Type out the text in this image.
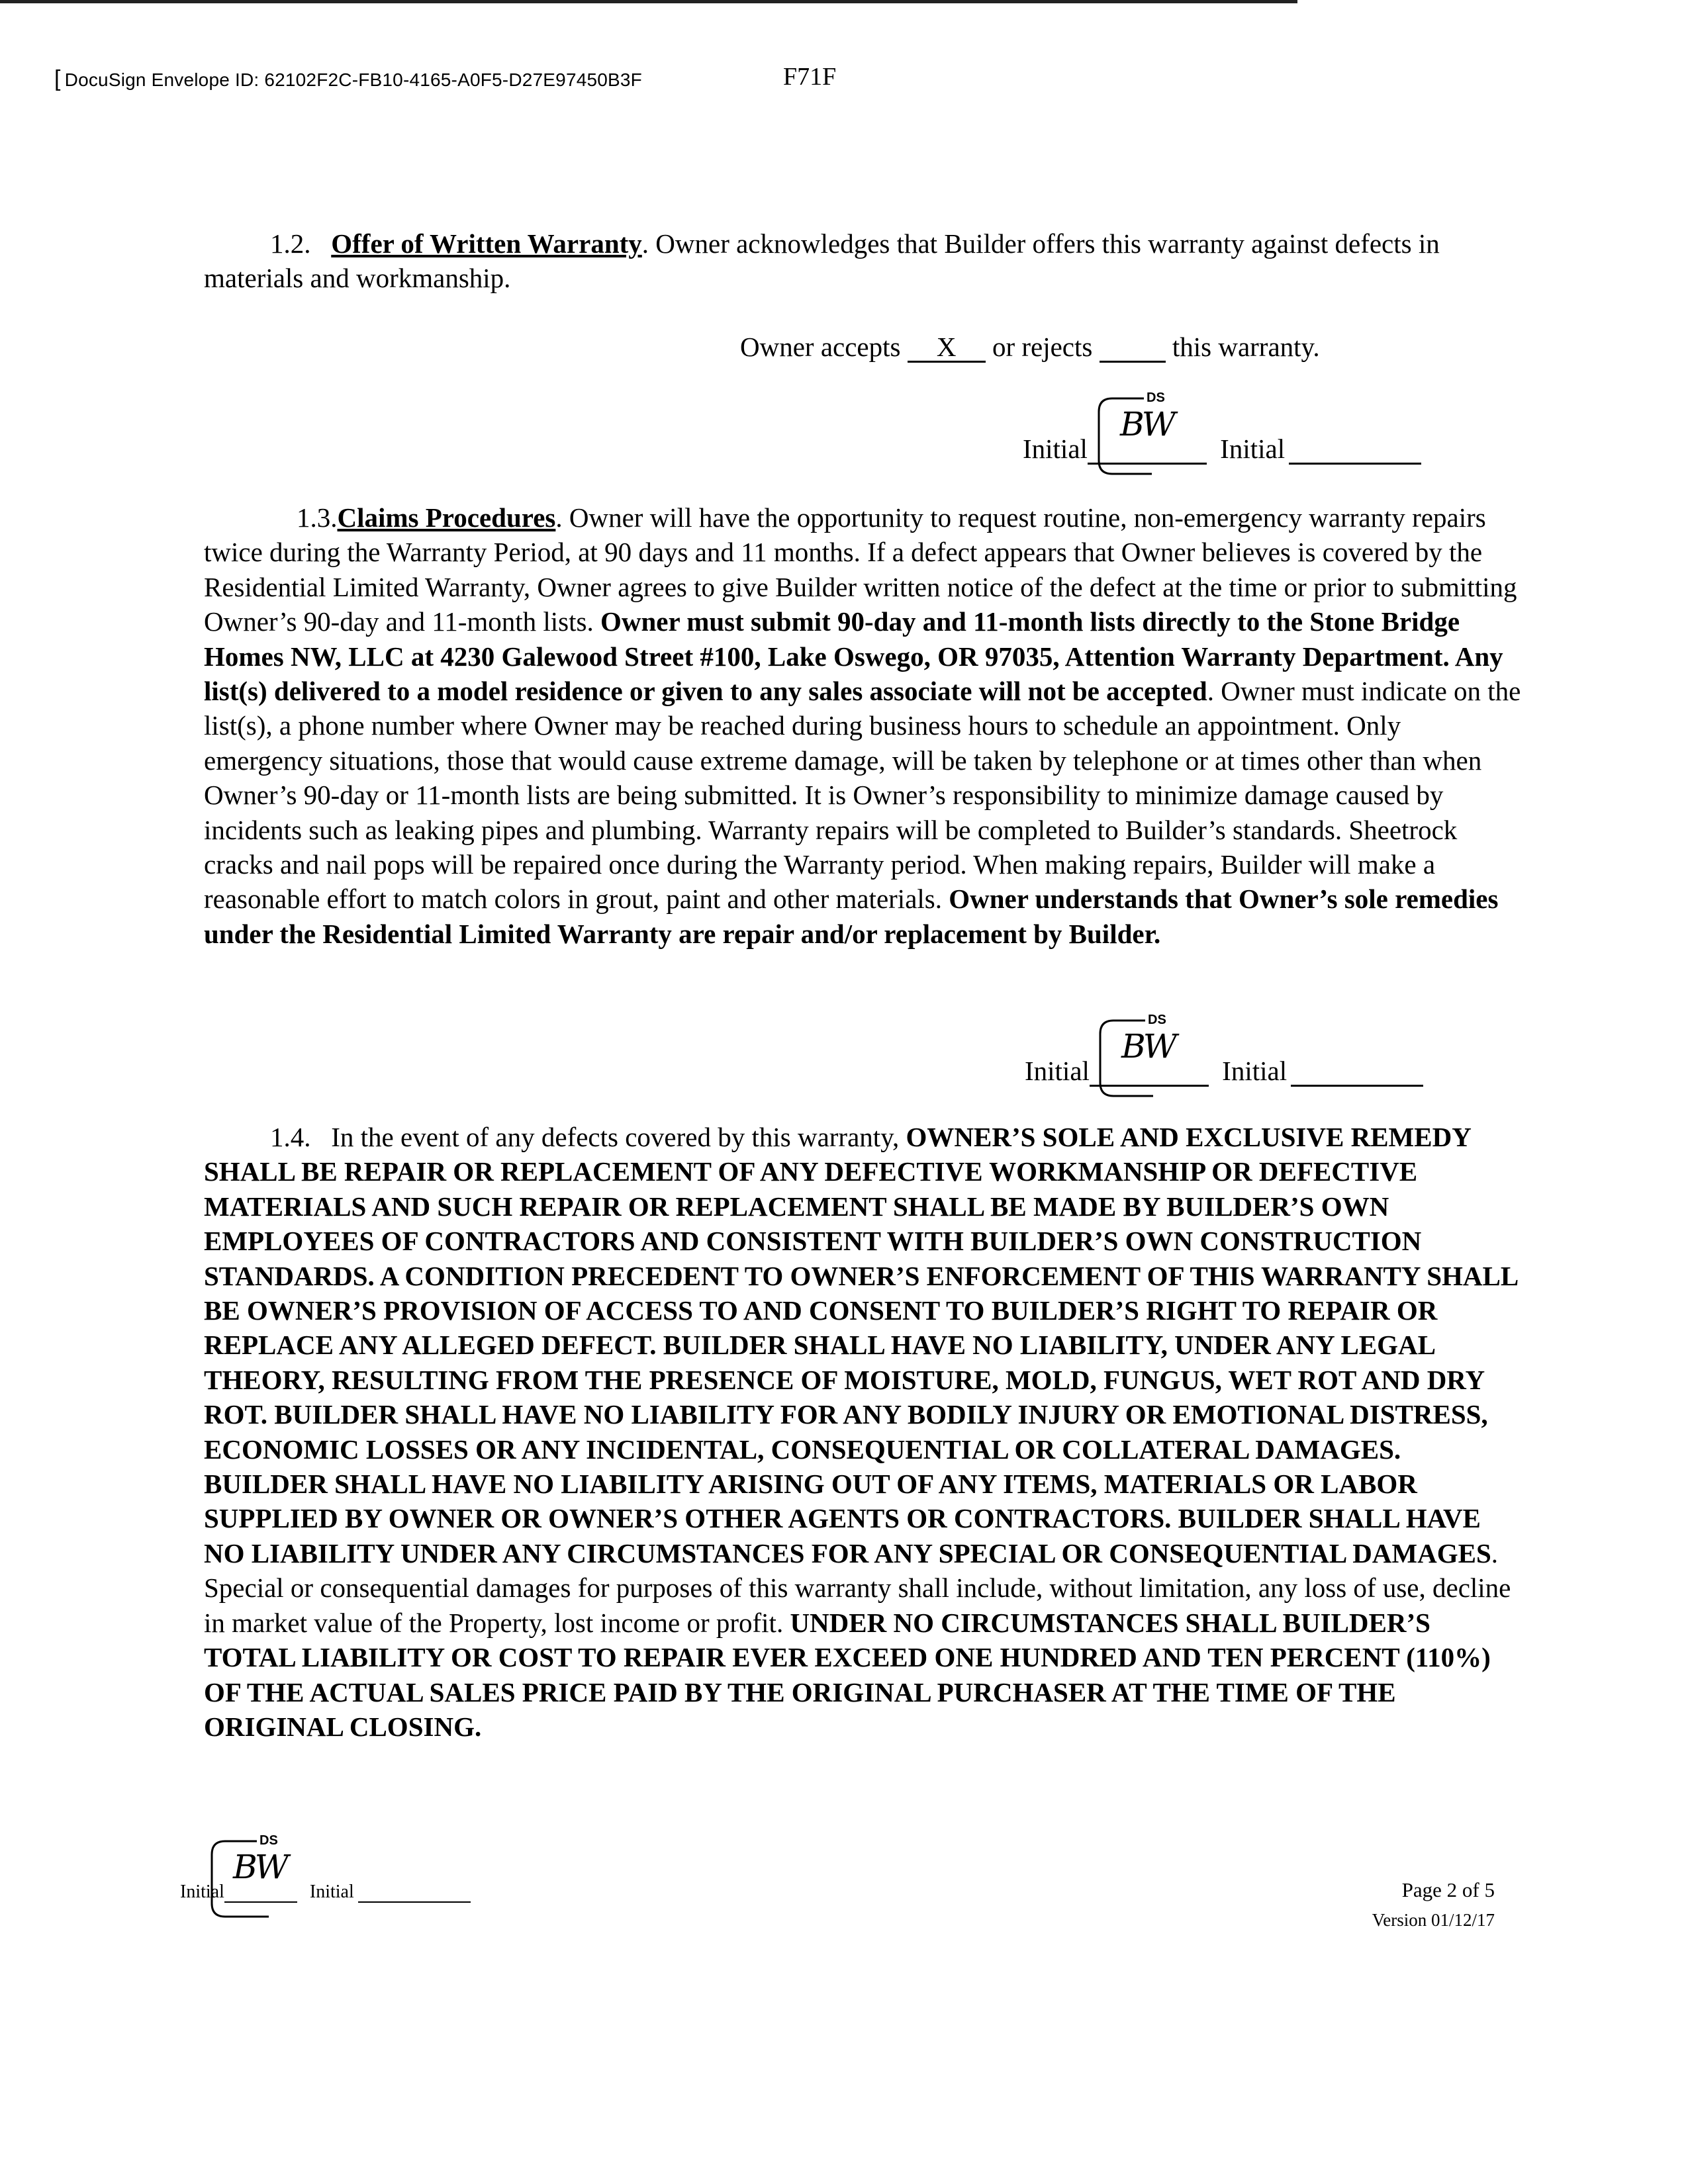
[ DocuSign Envelope ID: 62102F2C-FB10-4165-A0F5-D27E97450B3F	F71F

1.2. Offer of Written Warranty. Owner acknowledges that Builder offers this warranty against defects in materials and workmanship.

Owner accepts X or rejects	this warranty.
Initial	Initial
DS
BW

1.3.Claims Procedures. Owner will have the opportunity to request routine, non-emergency warranty repairs twice during the Warranty Period, at 90 days and 11 months. If a defect appears that Owner believes is covered by the Residential Limited Warranty, Owner agrees to give Builder written notice of the defect at the time or prior to submitting Owner’s 90-day and 11-month lists. Owner must submit 90-day and 11-month lists directly to the Stone Bridge Homes NW, LLC at 4230 Galewood Street #100, Lake Oswego, OR 97035, Attention Warranty Department. Any list(s) delivered to a model residence or given to any sales associate will not be accepted. Owner must indicate on the list(s), a phone number where Owner may be reached during business hours to schedule an appointment. Only emergency situations, those that would cause extreme damage, will be taken by telephone or at times other than when Owner’s 90-day or 11-month lists are being submitted. It is Owner’s responsibility to minimize damage caused by incidents such as leaking pipes and plumbing. Warranty repairs will be completed to Builder’s standards. Sheetrock cracks and nail pops will be repaired once during the Warranty period. When making repairs, Builder will make a reasonable effort to match colors in grout, paint and other materials. Owner understands that Owner’s sole remedies under the Residential Limited Warranty are repair and/or replacement by Builder.

Initial	Initial
DS
BW

1.4. In the event of any defects covered by this warranty, OWNER’S SOLE AND EXCLUSIVE REMEDY SHALL BE REPAIR OR REPLACEMENT OF ANY DEFECTIVE WORKMANSHIP OR DEFECTIVE MATERIALS AND SUCH REPAIR OR REPLACEMENT SHALL BE MADE BY BUILDER’S OWN EMPLOYEES OF CONTRACTORS AND CONSISTENT WITH BUILDER’S OWN CONSTRUCTION STANDARDS. A CONDITION PRECEDENT TO OWNER’S ENFORCEMENT OF THIS WARRANTY SHALL BE OWNER’S PROVISION OF ACCESS TO AND CONSENT TO BUILDER’S RIGHT TO REPAIR OR REPLACE ANY ALLEGED DEFECT. BUILDER SHALL HAVE NO LIABILITY, UNDER ANY LEGAL THEORY, RESULTING FROM THE PRESENCE OF MOISTURE, MOLD, FUNGUS, WET ROT AND DRY ROT. BUILDER SHALL HAVE NO LIABILITY FOR ANY BODILY INJURY OR EMOTIONAL DISTRESS, ECONOMIC LOSSES OR ANY INCIDENTAL, CONSEQUENTIAL OR COLLATERAL DAMAGES. BUILDER SHALL HAVE NO LIABILITY ARISING OUT OF ANY ITEMS, MATERIALS OR LABOR SUPPLIED BY OWNER OR OWNER’S OTHER AGENTS OR CONTRACTORS. BUILDER SHALL HAVE NO LIABILITY UNDER ANY CIRCUMSTANCES FOR ANY SPECIAL OR CONSEQUENTIAL DAMAGES. Special or consequential damages for purposes of this warranty shall include, without limitation, any loss of use, decline in market value of the Property, lost income or profit. UNDER NO CIRCUMSTANCES SHALL BUILDER’S TOTAL LIABILITY OR COST TO REPAIR EVER EXCEED ONE HUNDRED AND TEN PERCENT (110%) OF THE ACTUAL SALES PRICE PAID BY THE ORIGINAL PURCHASER AT THE TIME OF THE ORIGINAL CLOSING.

Initial	Initial
DS
BW
Page 2 of 5
Version 01/12/17
